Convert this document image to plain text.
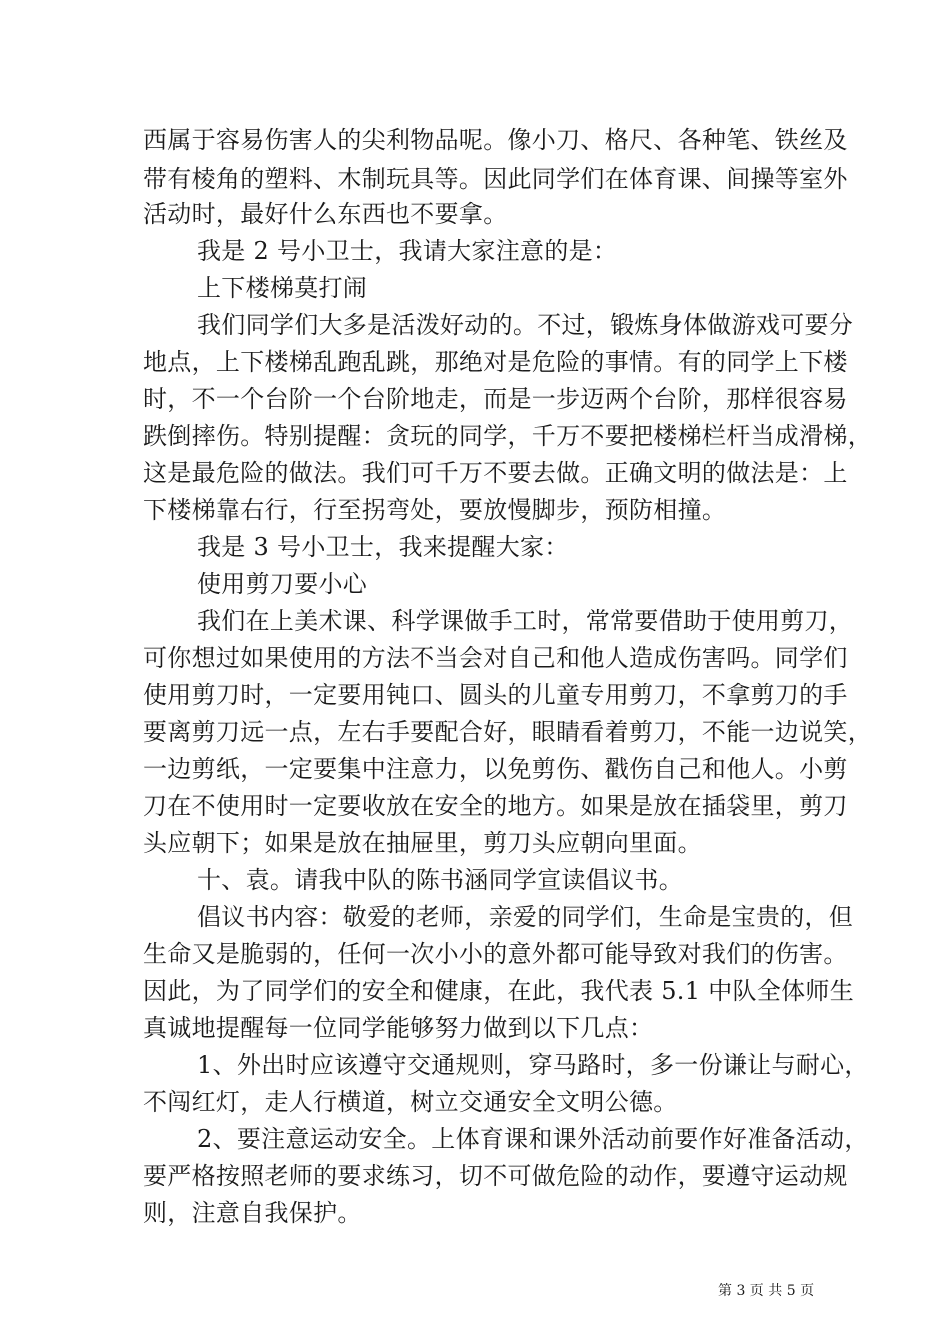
西属于容易伤害人的尖利物品呢。像小刀、格尺、各种笔、铁丝及
带有棱角的塑料、木制玩具等。因此同学们在体育课、间操等室外
活动时，最好什么东西也不要拿。
我是 2 号小卫士，我请大家注意的是：
上下楼梯莫打闹
我们同学们大多是活泼好动的。不过，锻炼身体做游戏可要分
地点，上下楼梯乱跑乱跳，那绝对是危险的事情。有的同学上下楼
时，不一个台阶一个台阶地走，而是一步迈两个台阶，那样很容易
跌倒摔伤。特别提醒：贪玩的同学，千万不要把楼梯栏杆当成滑梯，
这是最危险的做法。我们可千万不要去做。正确文明的做法是：上
下楼梯靠右行，行至拐弯处，要放慢脚步，预防相撞。
我是 3 号小卫士，我来提醒大家：
使用剪刀要小心
我们在上美术课、科学课做手工时，常常要借助于使用剪刀，
可你想过如果使用的方法不当会对自己和他人造成伤害吗。同学们
使用剪刀时，一定要用钝口、圆头的儿童专用剪刀，不拿剪刀的手
要离剪刀远一点，左右手要配合好，眼睛看着剪刀，不能一边说笑，
一边剪纸，一定要集中注意力，以免剪伤、戳伤自己和他人。小剪
刀在不使用时一定要收放在安全的地方。如果是放在插袋里，剪刀
头应朝下；如果是放在抽屉里，剪刀头应朝向里面。
十、袁。请我中队的陈书涵同学宣读倡议书。
倡议书内容：敬爱的老师，亲爱的同学们，生命是宝贵的，但
生命又是脆弱的，任何一次小小的意外都可能导致对我们的伤害。
因此，为了同学们的安全和健康，在此，我代表 5.1 中队全体师生
真诚地提醒每一位同学能够努力做到以下几点：
1、外出时应该遵守交通规则，穿马路时，多一份谦让与耐心，
不闯红灯，走人行横道，树立交通安全文明公德。
2、要注意运动安全。上体育课和课外活动前要作好准备活动，
要严格按照老师的要求练习，切不可做危险的动作，要遵守运动规
则，注意自我保护。
第 3 页 共 5 页
